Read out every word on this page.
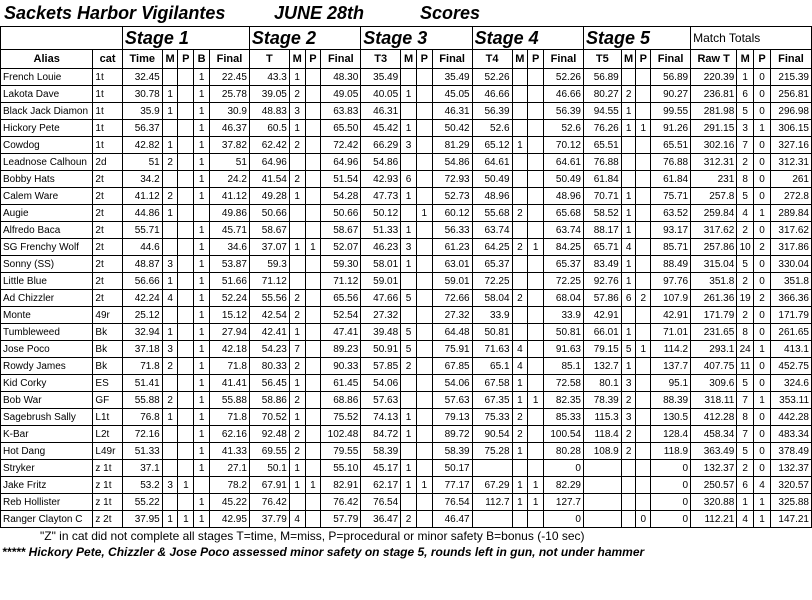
Sackets Harbor Vigilantes	JUNE 28th	Scores
		Stage 1					Stage 2				Stage 3				Stage 4				Stage 5				Match Totals			
Alias	cat	Time	M	P	B	Final	T	M	P	Final	T3	M	P	Final	T4	M	P	Final	T5	M	P	Final	Raw T	M	P	Final
French Louie	1t	32.45			1	22.45	43.3	1		48.30	35.49			35.49	52.26			52.26	56.89			56.89	220.39	1	0	215.39
Lakota Dave	1t	30.78	1		1	25.78	39.05	2		49.05	40.05	1		45.05	46.66			46.66	80.27	2		90.27	236.81	6	0	256.81
Black Jack Diamon	1t	35.9	1		1	30.9	48.83	3		63.83	46.31			46.31	56.39			56.39	94.55	1		99.55	281.98	5	0	296.98
Hickory Pete	1t	56.37			1	46.37	60.5	1		65.50	45.42	1		50.42	52.6			52.6	76.26	1	1	91.26	291.15	3	1	306.15
Cowdog	1t	42.82	1		1	37.82	62.42	2		72.42	66.29	3		81.29	65.12	1		70.12	65.51			65.51	302.16	7	0	327.16
Leadnose Calhoun	2d	51	2		1	51	64.96			64.96	54.86			54.86	64.61			64.61	76.88			76.88	312.31	2	0	312.31
Bobby Hats	2t	34.2			1	24.2	41.54	2		51.54	42.93	6		72.93	50.49			50.49	61.84			61.84	231	8	0	261
Calem Ware	2t	41.12	2		1	41.12	49.28	1		54.28	47.73	1		52.73	48.96			48.96	70.71	1		75.71	257.8	5	0	272.8
Augie	2t	44.86	1			49.86	50.66			50.66	50.12		1	60.12	55.68	2		65.68	58.52	1		63.52	259.84	4	1	289.84
Alfredo Baca	2t	55.71			1	45.71	58.67			58.67	51.33	1		56.33	63.74			63.74	88.17	1		93.17	317.62	2	0	317.62
SG Frenchy Wolf	2t	44.6			1	34.6	37.07	1	1	52.07	46.23	3		61.23	64.25	2	1	84.25	65.71	4		85.71	257.86	10	2	317.86
Sonny (SS)	2t	48.87	3		1	53.87	59.3			59.30	58.01	1		63.01	65.37			65.37	83.49	1		88.49	315.04	5	0	330.04
Little Blue	2t	56.66	1		1	51.66	71.12			71.12	59.01			59.01	72.25			72.25	92.76	1		97.76	351.8	2	0	351.8
Ad Chizzler	2t	42.24	4		1	52.24	55.56	2		65.56	47.66	5		72.66	58.04	2		68.04	57.86	6	2	107.9	261.36	19	2	366.36
Monte	49r	25.12			1	15.12	42.54	2		52.54	27.32			27.32	33.9			33.9	42.91			42.91	171.79	2	0	171.79
Tumbleweed	Bk	32.94	1		1	27.94	42.41	1		47.41	39.48	5		64.48	50.81			50.81	66.01	1		71.01	231.65	8	0	261.65
Jose Poco	Bk	37.18	3		1	42.18	54.23	7		89.23	50.91	5		75.91	71.63	4		91.63	79.15	5	1	114.2	293.1	24	1	413.1
Rowdy James	Bk	71.8	2		1	71.8	80.33	2		90.33	57.85	2		67.85	65.1	4		85.1	132.7	1		137.7	407.75	11	0	452.75
Kid Corky	ES	51.41			1	41.41	56.45	1		61.45	54.06			54.06	67.58	1		72.58	80.1	3		95.1	309.6	5	0	324.6
Bob War	GF	55.88	2		1	55.88	58.86	2		68.86	57.63			57.63	67.35	1	1	82.35	78.39	2		88.39	318.11	7	1	353.11
Sagebrush Sally	L1t	76.8	1		1	71.8	70.52	1		75.52	74.13	1		79.13	75.33	2		85.33	115.3	3		130.5	412.28	8	0	442.28
K-Bar	L2t	72.16			1	62.16	92.48	2		102.48	84.72	1		89.72	90.54	2		100.54	118.4	2		128.4	458.34	7	0	483.34
Hot Dang	L49r	51.33			1	41.33	69.55	2		79.55	58.39			58.39	75.28	1		80.28	108.9	2		118.9	363.49	5	0	378.49
Stryker	z 1t	37.1			1	27.1	50.1	1		55.10	45.17	1		50.17				0				0	132.37	2	0	132.37
Jake Fritz	z 1t	53.2	3	1		78.2	67.91	1	1	82.91	62.17	1	1	77.17	67.29	1	1	82.29				0	250.57	6	4	320.57
Reb Hollister	z 1t	55.22			1	45.22	76.42			76.42	76.54			76.54	112.7	1	1	127.7				0	320.88	1	1	325.88
Ranger Clayton C	z 2t	37.95	1	1	1	42.95	37.79	4		57.79	36.47	2		46.47				0			0	0	112.21	4	1	147.21
"Z" in cat did not complete all stages T=time, M=miss, P=procedural or minor safety B=bonus (-10 sec)
***** Hickory Pete, Chizzler & Jose Poco assessed minor safety on stage 5, rounds left in gun, not under hammer
